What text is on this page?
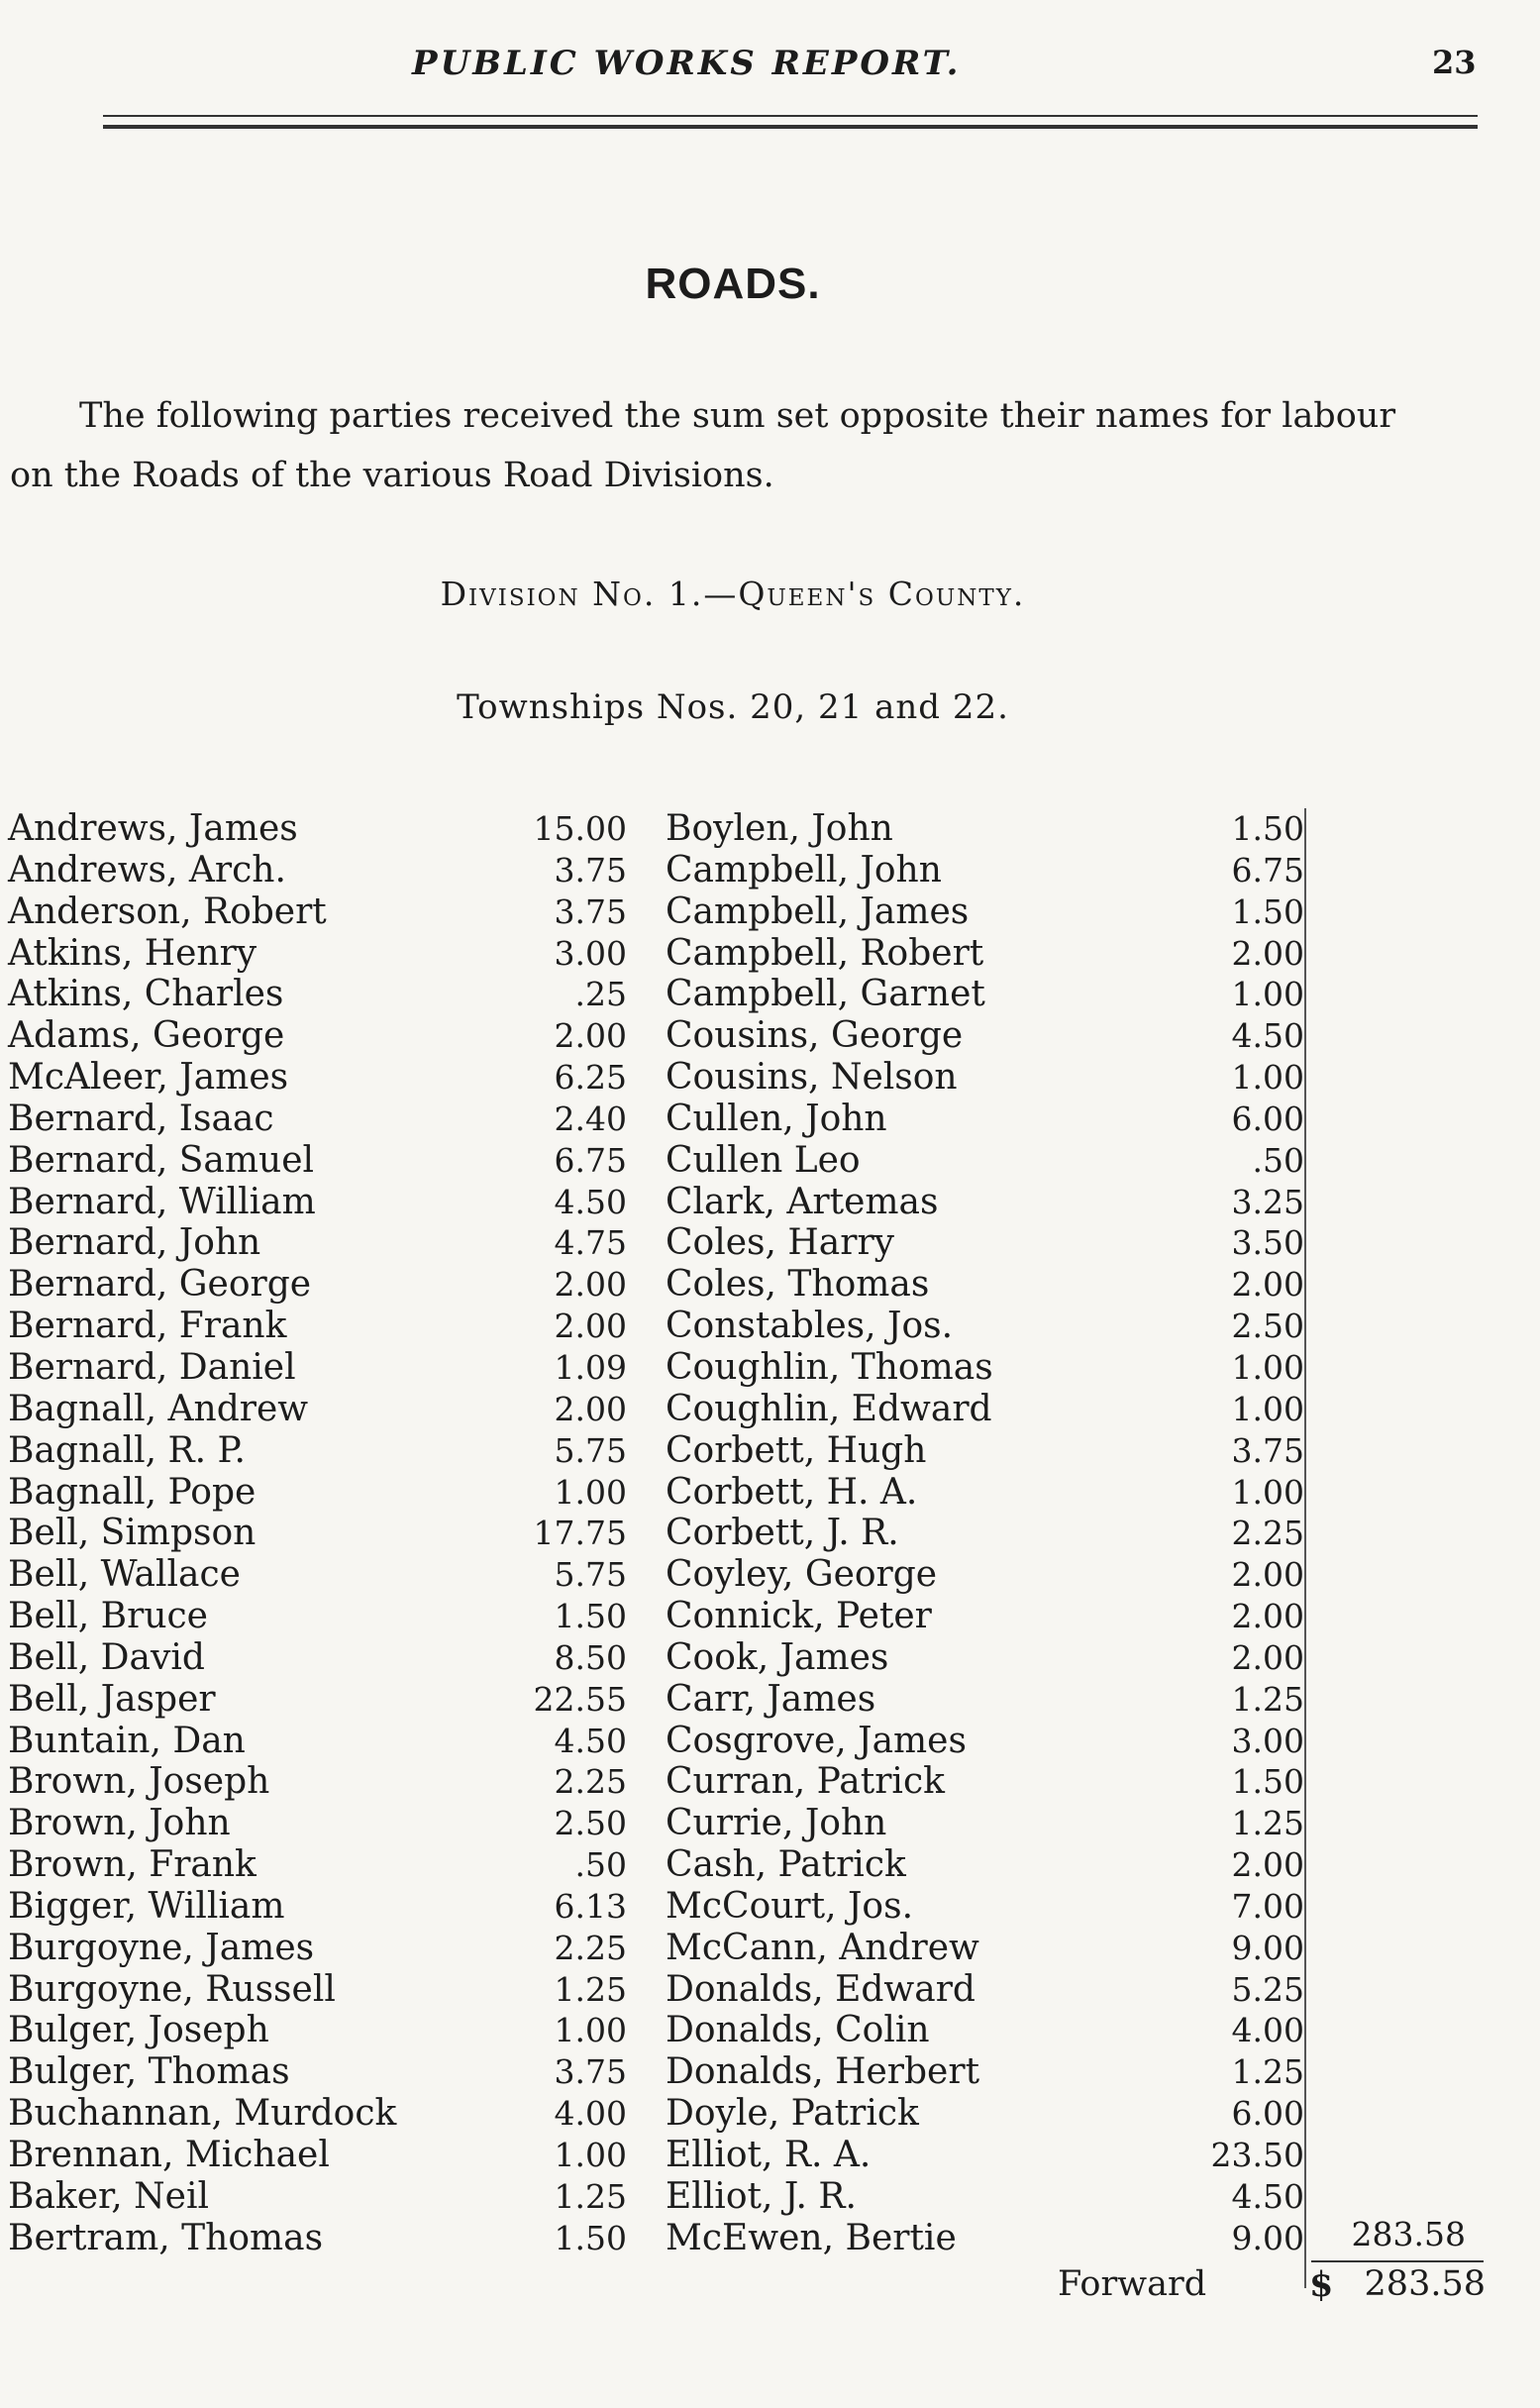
PUBLIC WORKS REPORT.	23
ROADS.
The following parties received the sum set opposite their names for labour
on the Roads of the various Road Divisions.
Division No. 1.—Queen's County.
Townships Nos. 20, 21 and 22.
Andrews, James	15.00
Andrews, Arch.	3.75
Anderson, Robert	3.75
Atkins, Henry	3.00
Atkins, Charles	.25
Adams, George	2.00
McAleer, James	6.25
Bernard, Isaac	2.40
Bernard, Samuel	6.75
Bernard, William	4.50
Bernard, John	4.75
Bernard, George	2.00
Bernard, Frank	2.00
Bernard, Daniel	1.09
Bagnall, Andrew	2.00
Bagnall, R. P.	5.75
Bagnall, Pope	1.00
Bell, Simpson	17.75
Bell, Wallace	5.75
Bell, Bruce	1.50
Bell, David	8.50
Bell, Jasper	22.55
Buntain, Dan	4.50
Brown, Joseph	2.25
Brown, John	2.50
Brown, Frank	.50
Bigger, William	6.13
Burgoyne, James	2.25
Burgoyne, Russell	1.25
Bulger, Joseph	1.00
Bulger, Thomas	3.75
Buchannan, Murdock	4.00
Brennan, Michael	1.00
Baker, Neil	1.25
Bertram, Thomas	1.50
Boylen, John	1.50
Campbell, John	6.75
Campbell, James	1.50
Campbell, Robert	2.00
Campbell, Garnet	1.00
Cousins, George	4.50
Cousins, Nelson	1.00
Cullen, John	6.00
Cullen Leo	.50
Clark, Artemas	3.25
Coles, Harry	3.50
Coles, Thomas	2.00
Constables, Jos.	2.50
Coughlin, Thomas	1.00
Coughlin, Edward	1.00
Corbett, Hugh	3.75
Corbett, H. A.	1.00
Corbett, J. R.	2.25
Coyley, George	2.00
Connick, Peter	2.00
Cook, James	2.00
Carr, James	1.25
Cosgrove, James	3.00
Curran, Patrick	1.50
Currie, John	1.25
Cash, Patrick	2.00
McCourt, Jos.	7.00
McCann, Andrew	9.00
Donalds, Edward	5.25
Donalds, Colin	4.00
Donalds, Herbert	1.25
Doyle, Patrick	6.00
Elliot, R. A.	23.50
Elliot, J. R.	4.50
McEwen, Bertie	9.00	283.58
Forward	$ 283.58
